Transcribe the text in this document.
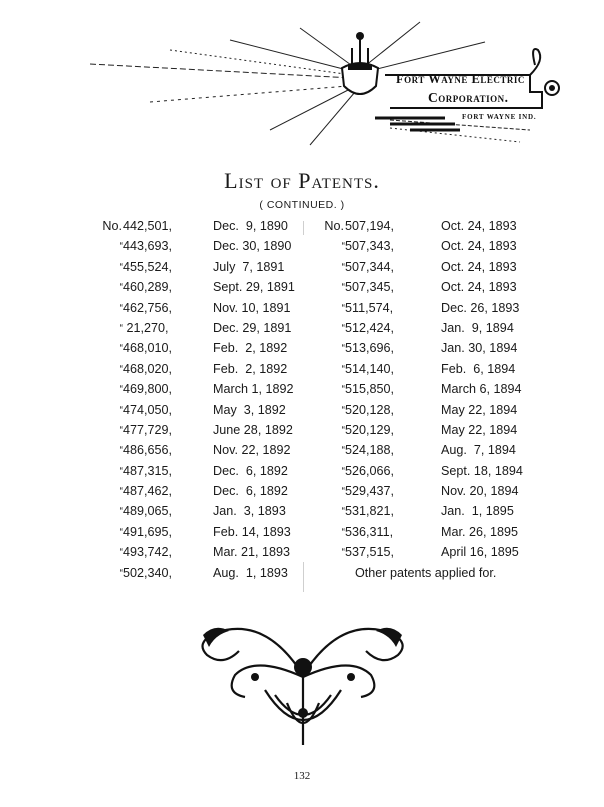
Fort Wayne Electric
Corporation.
FORT WAYNE IND.
List of Patents.
( CONTINUED. )
No. 442,501,	Dec.  9, 1890	No. 507,194,	Oct. 24, 1893
“ 443,693,	Dec. 30, 1890	“ 507,343,	Oct. 24, 1893
“ 455,524,	July  7, 1891	“ 507,344,	Oct. 24, 1893
“ 460,289,	Sept. 29, 1891	“ 507,345,	Oct. 24, 1893
“ 462,756,	Nov. 10, 1891	“ 511,574,	Dec. 26, 1893
“ 21,270,	Dec. 29, 1891	“ 512,424,	Jan.  9, 1894
“ 468,010,	Feb.  2, 1892	“ 513,696,	Jan. 30, 1894
“ 468,020,	Feb.  2, 1892	“ 514,140,	Feb.  6, 1894
“ 469,800,	March 1, 1892	“ 515,850,	March 6, 1894
“ 474,050,	May  3, 1892	“ 520,128,	May 22, 1894
“ 477,729,	June 28, 1892	“ 520,129,	May 22, 1894
“ 486,656,	Nov. 22, 1892	“ 524,188,	Aug.  7, 1894
“ 487,315,	Dec.  6, 1892	“ 526,066,	Sept. 18, 1894
“ 487,462,	Dec.  6, 1892	“ 529,437,	Nov. 20, 1894
“ 489,065,	Jan.  3, 1893	“ 531,821,	Jan.  1, 1895
“ 491,695,	Feb. 14, 1893	“ 536,311,	Mar. 26, 1895
“ 493,742,	Mar. 21, 1893	“ 537,515,	April 16, 1895
“ 502,340,	Aug.  1, 1893	Other patents applied for.
132
